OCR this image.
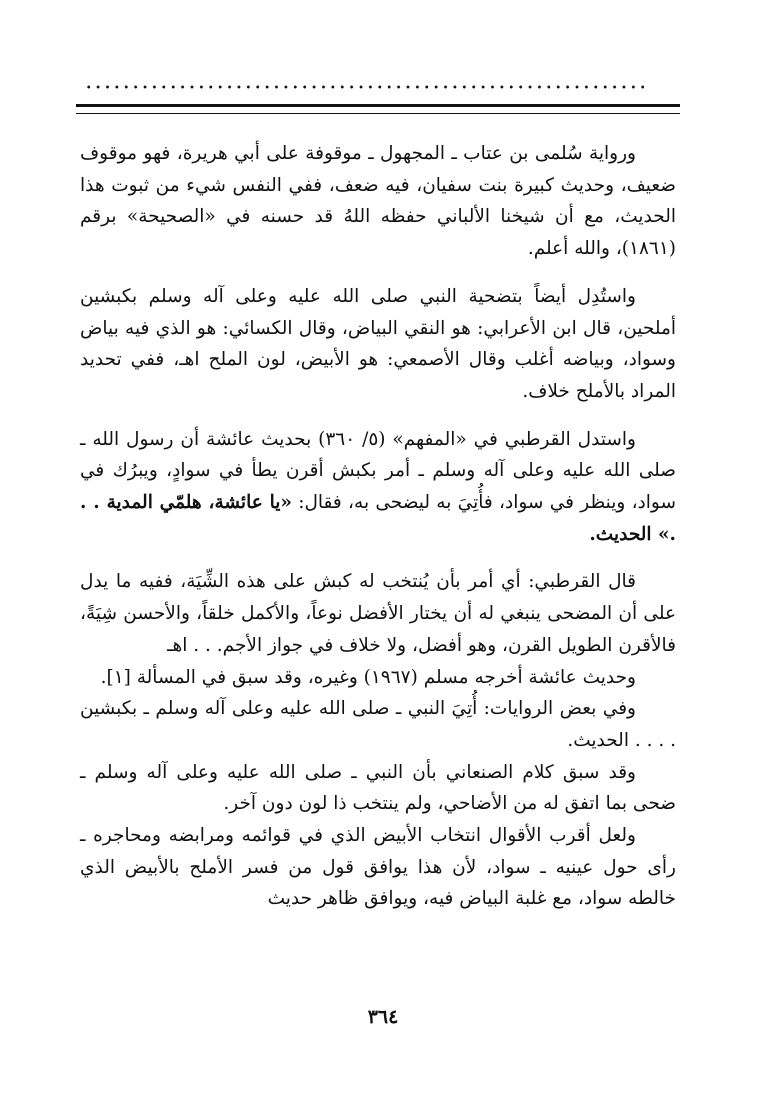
ورواية سُلمى بن عتاب ـ المجهول ـ موقوفة على أبي هريرة، فهو موقوف ضعيف، وحديث كبيرة بنت سفيان، فيه ضعف، ففي النفس شيء من ثبوت هذا الحديث، مع أن شيخنا الألباني حفظه اللهُ قد حسنه في «الصحيحة» برقم (١٨٦١)، والله أعلم.

واستُدِل أيضاً بتضحية النبي صلى الله عليه وعلى آله وسلم بكبشين أملحين، قال ابن الأعرابي: هو النقي البياض، وقال الكسائي: هو الذي فيه بياض وسواد، وبياضه أغلب وقال الأصمعي: هو الأبيض، لون الملح اهـ، ففي تحديد المراد بالأملح خلاف.

واستدل القرطبي في «المفهم» (٥/ ٣٦٠) بحديث عائشة أن رسول الله ـ صلى الله عليه وعلى آله وسلم ـ أمر بكبش أقرن يطأ في سوادٍ، ويبرُك في سواد، وينظر في سواد، فأُتِيَ به ليضحى به، فقال: «يا عائشة، هلمّي المدية . . .» الحديث.

قال القرطبي: أي أمر بأن يُنتخب له كبش على هذه الشِّيَة، ففيه ما يدل على أن المضحى ينبغي له أن يختار الأفضل نوعاً، والأكمل خلقاً، والأحسن شِيَةً، فالأقرن الطويل القرن، وهو أفضل، ولا خلاف في جواز الأجم. . . اهـ

وحديث عائشة أخرجه مسلم (١٩٦٧) وغيره، وقد سبق في المسألة [١].

وفي بعض الروايات: أُتِيَ النبي ـ صلى الله عليه وعلى آله وسلم ـ بكبشين . . . . الحديث.

وقد سبق كلام الصنعاني بأن النبي ـ صلى الله عليه وعلى آله وسلم ـ ضحى بما اتفق له من الأضاحي، ولم ينتخب ذا لون دون آخر.

ولعل أقرب الأقوال انتخاب الأبيض الذي في قوائمه ومرابضه ومحاجره ـ رأى حول عينيه ـ سواد، لأن هذا يوافق قول من فسر الأملح بالأبيض الذي خالطه سواد، مع غلبة البياض فيه، ويوافق ظاهر حديث

٣٦٤
